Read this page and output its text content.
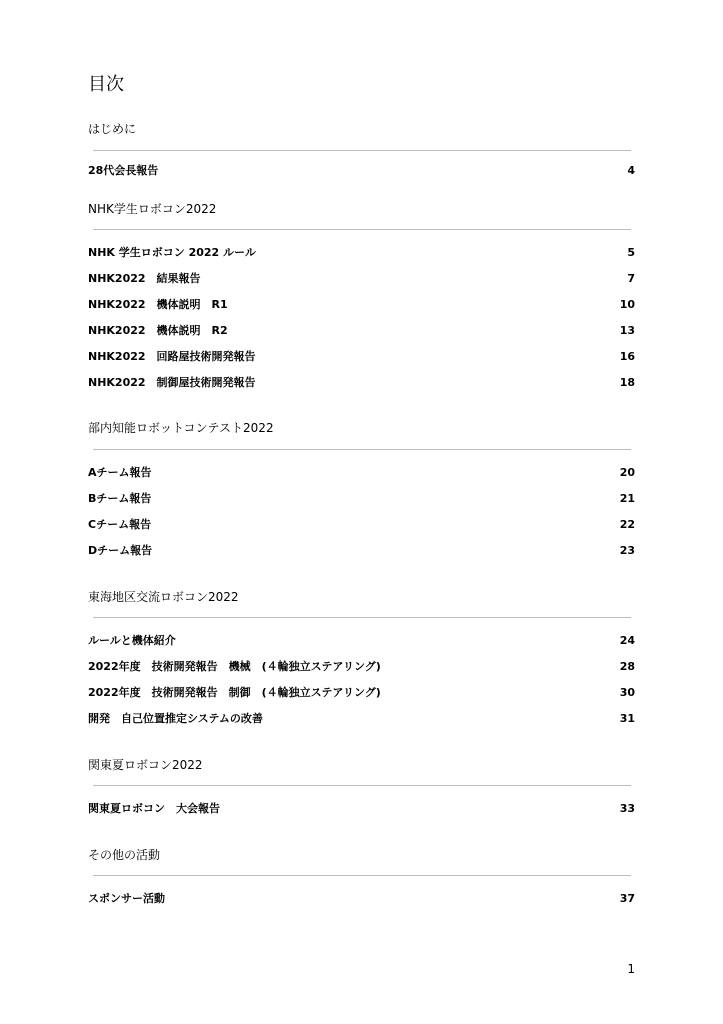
目次
はじめに
28代会長報告	4
NHK学生ロボコン2022
NHK 学生ロボコン 2022 ルール	5
NHK2022　結果報告	7
NHK2022　機体説明　R1	10
NHK2022　機体説明　R2	13
NHK2022　回路屋技術開発報告	16
NHK2022　制御屋技術開発報告	18
部内知能ロボットコンテスト2022
Aチーム報告	20
Bチーム報告	21
Cチーム報告	22
Dチーム報告	23
東海地区交流ロボコン2022
ルールと機体紹介	24
2022年度　技術開発報告　機械　(４輪独立ステアリング)	28
2022年度　技術開発報告　制御　(４輪独立ステアリング)	30
開発　自己位置推定システムの改善	31
関東夏ロボコン2022
関東夏ロボコン　大会報告	33
その他の活動
スポンサー活動	37
1
